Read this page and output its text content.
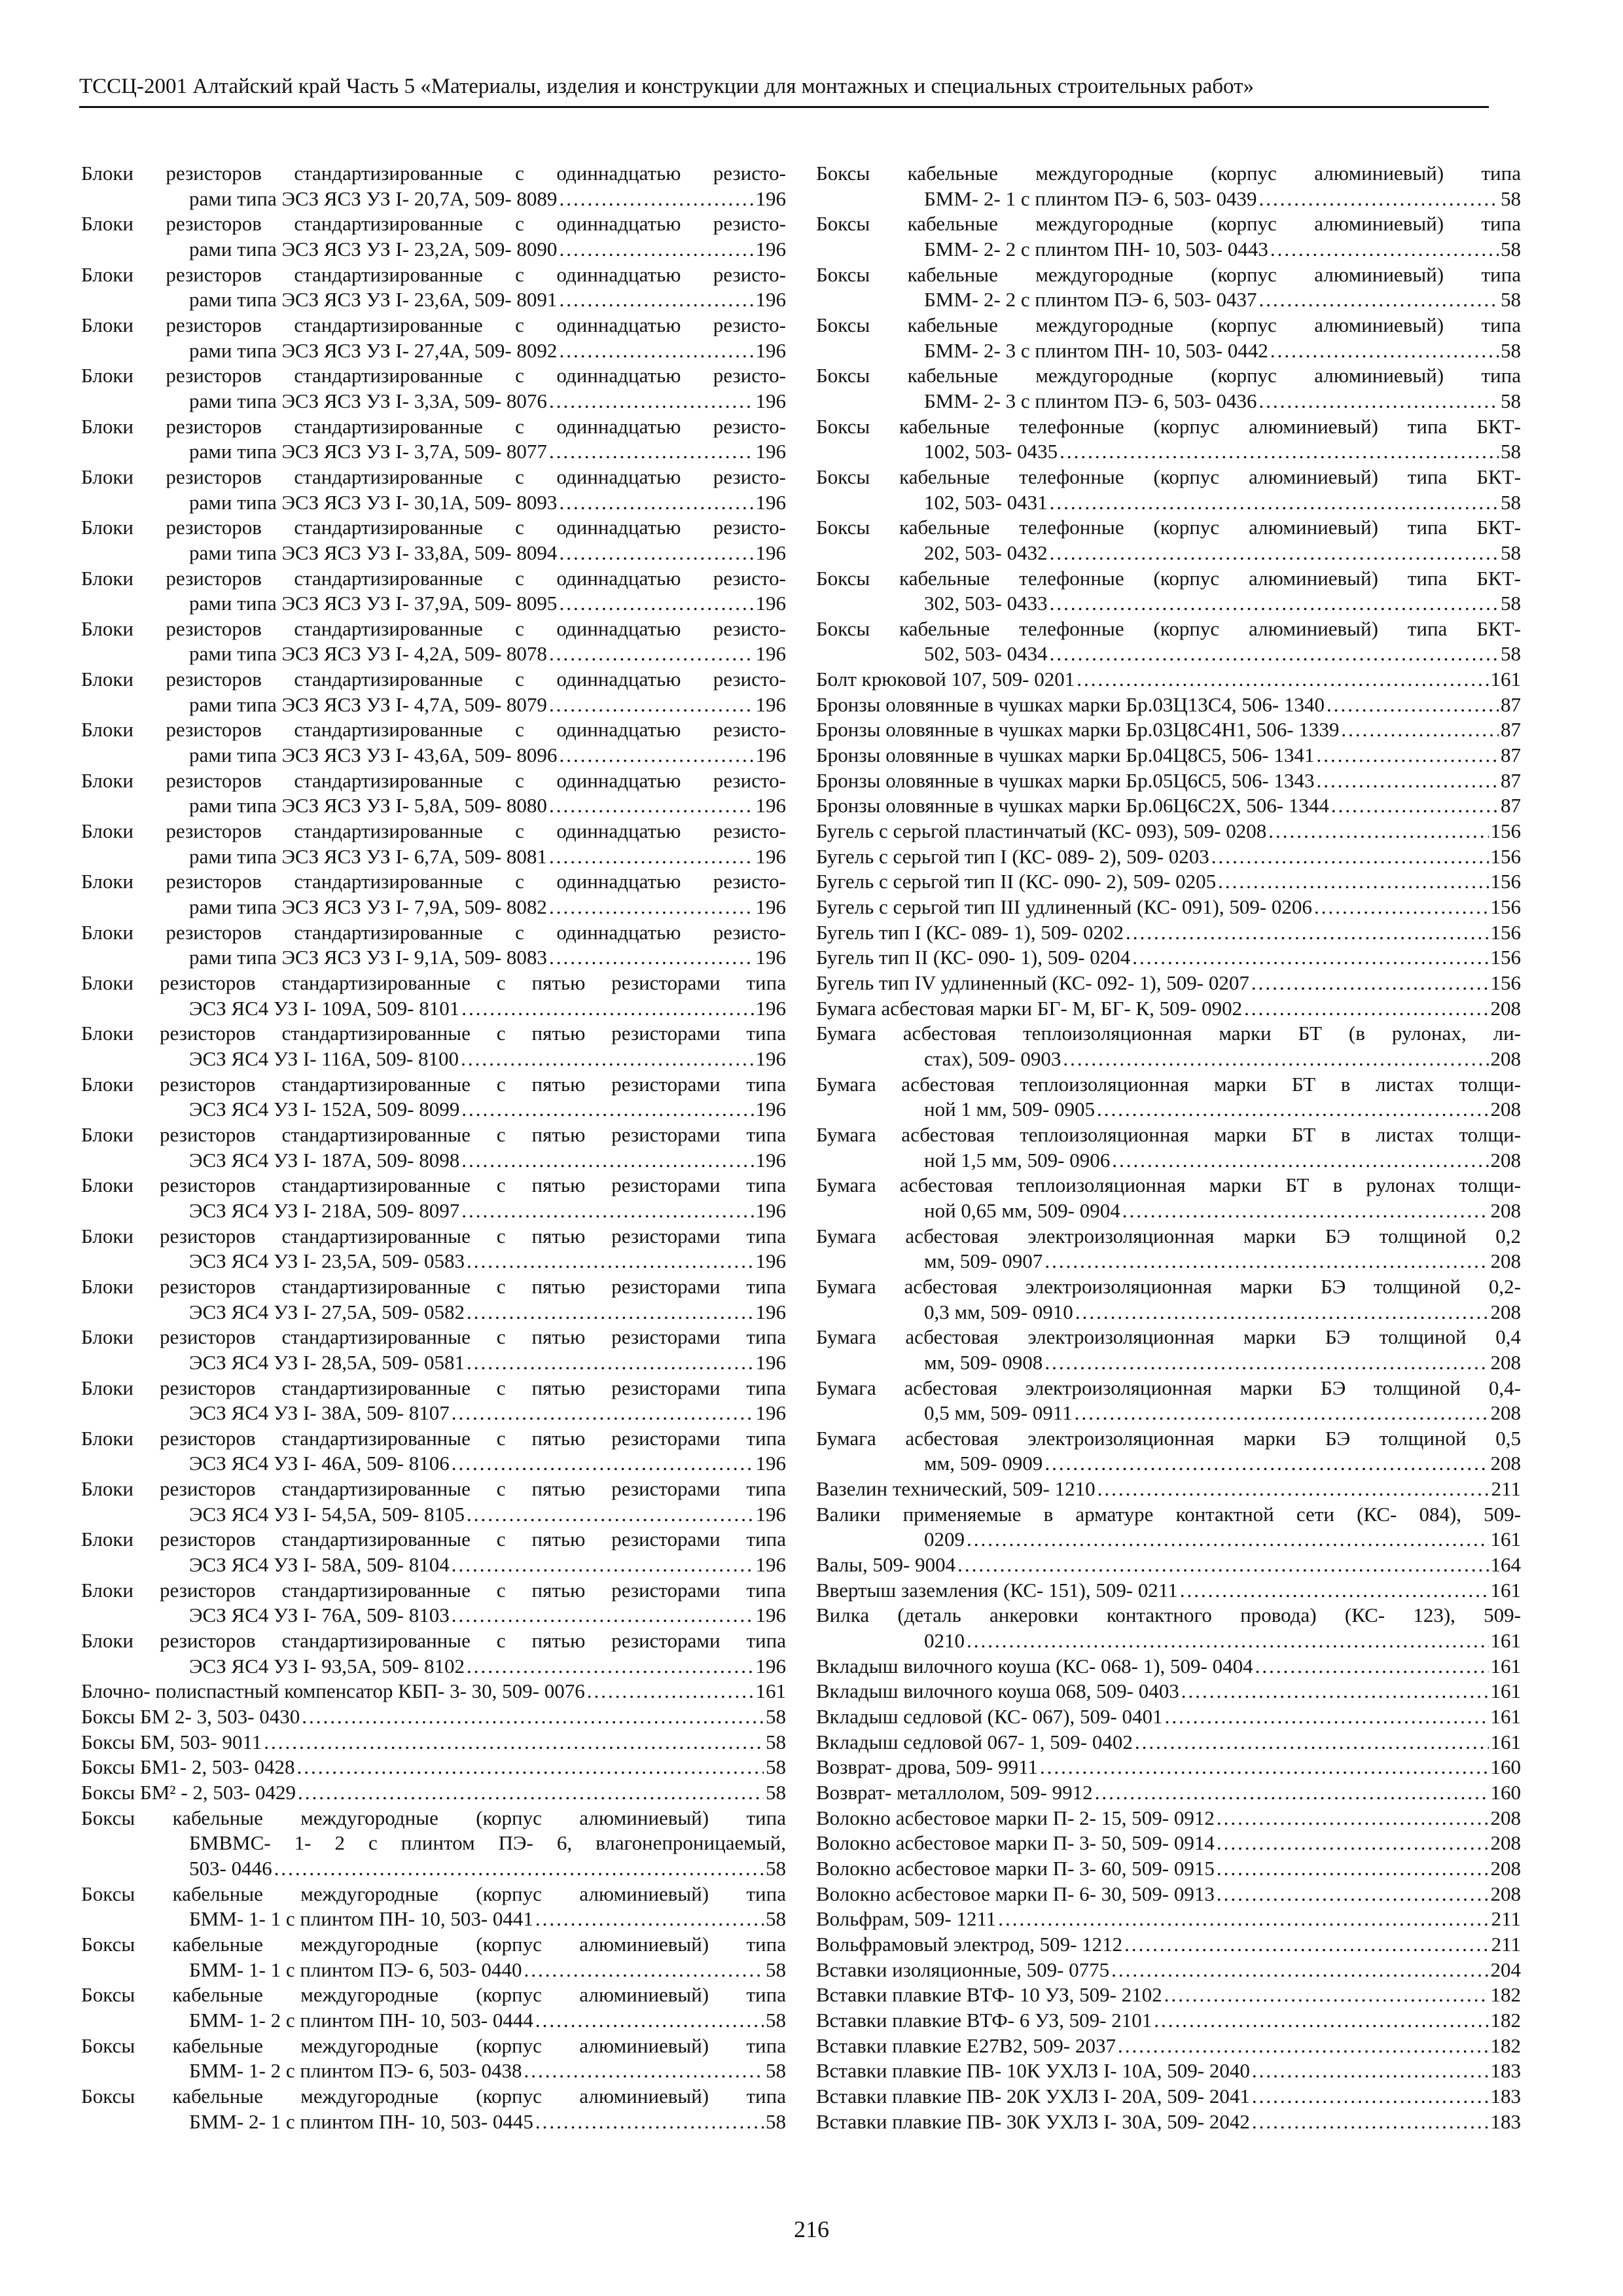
ТССЦ-2001 Алтайский край Часть 5 «Материалы, изделия и конструкции для монтажных и специальных строительных работ»
Блоки резисторов стандартизированные с одиннадцатью резисто-
рами типа ЭСЗ ЯСЗ УЗ I- 20,7А, 509- 8089 .....	196
Блоки резисторов стандартизированные с одиннадцатью резисто-
рами типа ЭСЗ ЯСЗ УЗ I- 23,2А, 509- 8090 .....	196
Блоки резисторов стандартизированные с одиннадцатью резисто-
рами типа ЭСЗ ЯСЗ УЗ I- 23,6А, 509- 8091 .....	196
Блоки резисторов стандартизированные с одиннадцатью резисто-
рами типа ЭСЗ ЯСЗ УЗ I- 27,4А, 509- 8092 .....	196
Блоки резисторов стандартизированные с одиннадцатью резисто-
рами типа ЭСЗ ЯСЗ УЗ I- 3,3А, 509- 8076 .....	196
Блоки резисторов стандартизированные с одиннадцатью резисто-
рами типа ЭСЗ ЯСЗ УЗ I- 3,7А, 509- 8077 .....	196
Блоки резисторов стандартизированные с одиннадцатью резисто-
рами типа ЭСЗ ЯСЗ УЗ I- 30,1А, 509- 8093 .....	196
Блоки резисторов стандартизированные с одиннадцатью резисто-
рами типа ЭСЗ ЯСЗ УЗ I- 33,8А, 509- 8094 .....	196
Блоки резисторов стандартизированные с одиннадцатью резисто-
рами типа ЭСЗ ЯСЗ УЗ I- 37,9А, 509- 8095 .....	196
Блоки резисторов стандартизированные с одиннадцатью резисто-
рами типа ЭСЗ ЯСЗ УЗ I- 4,2А, 509- 8078 .....	196
Блоки резисторов стандартизированные с одиннадцатью резисто-
рами типа ЭСЗ ЯСЗ УЗ I- 4,7А, 509- 8079 .....	196
Блоки резисторов стандартизированные с одиннадцатью резисто-
рами типа ЭСЗ ЯСЗ УЗ I- 43,6А, 509- 8096 .....	196
Блоки резисторов стандартизированные с одиннадцатью резисто-
рами типа ЭСЗ ЯСЗ УЗ I- 5,8А, 509- 8080 .....	196
Блоки резисторов стандартизированные с одиннадцатью резисто-
рами типа ЭСЗ ЯСЗ УЗ I- 6,7А, 509- 8081 .....	196
Блоки резисторов стандартизированные с одиннадцатью резисто-
рами типа ЭСЗ ЯСЗ УЗ I- 7,9А, 509- 8082 .....	196
Блоки резисторов стандартизированные с одиннадцатью резисто-
рами типа ЭСЗ ЯСЗ УЗ I- 9,1А, 509- 8083 .....	196
Блоки резисторов стандартизированные с пятью резисторами типа
ЭСЗ ЯС4 УЗ I- 109А, 509- 8101 .....	196
Блоки резисторов стандартизированные с пятью резисторами типа
ЭСЗ ЯС4 УЗ I- 116А, 509- 8100 .....	196
Блоки резисторов стандартизированные с пятью резисторами типа
ЭСЗ ЯС4 УЗ I- 152А, 509- 8099 .....	196
Блоки резисторов стандартизированные с пятью резисторами типа
ЭСЗ ЯС4 УЗ I- 187А, 509- 8098 .....	196
Блоки резисторов стандартизированные с пятью резисторами типа
ЭСЗ ЯС4 УЗ I- 218А, 509- 8097 .....	196
Блоки резисторов стандартизированные с пятью резисторами типа
ЭСЗ ЯС4 УЗ I- 23,5А, 509- 0583 .....	196
Блоки резисторов стандартизированные с пятью резисторами типа
ЭСЗ ЯС4 УЗ I- 27,5А, 509- 0582 .....	196
Блоки резисторов стандартизированные с пятью резисторами типа
ЭСЗ ЯС4 УЗ I- 28,5А, 509- 0581 .....	196
Блоки резисторов стандартизированные с пятью резисторами типа
ЭСЗ ЯС4 УЗ I- 38А, 509- 8107 .....	196
Блоки резисторов стандартизированные с пятью резисторами типа
ЭСЗ ЯС4 УЗ I- 46А, 509- 8106 .....	196
Блоки резисторов стандартизированные с пятью резисторами типа
ЭСЗ ЯС4 УЗ I- 54,5А, 509- 8105 .....	196
Блоки резисторов стандартизированные с пятью резисторами типа
ЭСЗ ЯС4 УЗ I- 58А, 509- 8104 .....	196
Блоки резисторов стандартизированные с пятью резисторами типа
ЭСЗ ЯС4 УЗ I- 76А, 509- 8103 .....	196
Блоки резисторов стандартизированные с пятью резисторами типа
ЭСЗ ЯС4 УЗ I- 93,5А, 509- 8102 .....	196
Блочно- полиспастный компенсатор КБП- 3- 30, 509- 0076 .....	161
Боксы БМ 2- 3, 503- 0430 .....	58
Боксы БМ, 503- 9011 .....	58
Боксы БМ1- 2, 503- 0428 .....	58
Боксы БМ² - 2, 503- 0429 .....	58
Боксы кабельные междугородные (корпус алюминиевый) типа
БМВМС- 1- 2 с плинтом ПЭ- 6, влагонепроницаемый,
503- 0446 .....	58
Боксы кабельные междугородные (корпус алюминиевый) типа
БММ- 1- 1 с плинтом ПН- 10, 503- 0441 .....	58
Боксы кабельные междугородные (корпус алюминиевый) типа
БММ- 1- 1 с плинтом ПЭ- 6, 503- 0440 .....	58
Боксы кабельные междугородные (корпус алюминиевый) типа
БММ- 1- 2 с плинтом ПН- 10, 503- 0444 .....	58
Боксы кабельные междугородные (корпус алюминиевый) типа
БММ- 1- 2 с плинтом ПЭ- 6, 503- 0438 .....	58
Боксы кабельные междугородные (корпус алюминиевый) типа
БММ- 2- 1 с плинтом ПН- 10, 503- 0445 .....	58
Боксы кабельные междугородные (корпус алюминиевый) типа
БММ- 2- 1 с плинтом ПЭ- 6, 503- 0439 .....	58
Боксы кабельные междугородные (корпус алюминиевый) типа
БММ- 2- 2 с плинтом ПН- 10, 503- 0443 .....	58
Боксы кабельные междугородные (корпус алюминиевый) типа
БММ- 2- 2 с плинтом ПЭ- 6, 503- 0437 .....	58
Боксы кабельные междугородные (корпус алюминиевый) типа
БММ- 2- 3 с плинтом ПН- 10, 503- 0442 .....	58
Боксы кабельные междугородные (корпус алюминиевый) типа
БММ- 2- 3 с плинтом ПЭ- 6, 503- 0436 .....	58
Боксы кабельные телефонные (корпус алюминиевый) типа БКТ-
1002, 503- 0435 .....	58
Боксы кабельные телефонные (корпус алюминиевый) типа БКТ-
102, 503- 0431 .....	58
Боксы кабельные телефонные (корпус алюминиевый) типа БКТ-
202, 503- 0432 .....	58
Боксы кабельные телефонные (корпус алюминиевый) типа БКТ-
302, 503- 0433 .....	58
Боксы кабельные телефонные (корпус алюминиевый) типа БКТ-
502, 503- 0434 .....	58
Болт крюковой 107, 509- 0201 .....	161
Бронзы оловянные в чушках марки Бр.03Ц13С4, 506- 1340 .....	87
Бронзы оловянные в чушках марки Бр.03Ц8С4Н1, 506- 1339 .....	87
Бронзы оловянные в чушках марки Бр.04Ц8С5, 506- 1341 .....	87
Бронзы оловянные в чушках марки Бр.05Ц6С5, 506- 1343 .....	87
Бронзы оловянные в чушках марки Бр.06Ц6С2Х, 506- 1344 .....	87
Бугель с серьгой пластинчатый (КС- 093), 509- 0208 .....	156
Бугель с серьгой тип I (КС- 089- 2), 509- 0203 .....	156
Бугель с серьгой тип II (КС- 090- 2), 509- 0205 .....	156
Бугель с серьгой тип III удлиненный (КС- 091), 509- 0206 .....	156
Бугель тип I (КС- 089- 1), 509- 0202 .....	156
Бугель тип II (КС- 090- 1), 509- 0204 .....	156
Бугель тип IV удлиненный (КС- 092- 1), 509- 0207 .....	156
Бумага асбестовая марки БГ- М, БГ- К, 509- 0902 .....	208
Бумага асбестовая теплоизоляционная марки БТ (в рулонах, ли-
стах), 509- 0903 .....	208
Бумага асбестовая теплоизоляционная марки БТ в листах толщи-
ной 1 мм, 509- 0905 .....	208
Бумага асбестовая теплоизоляционная марки БТ в листах толщи-
ной 1,5 мм, 509- 0906 .....	208
Бумага асбестовая теплоизоляционная марки БТ в рулонах толщи-
ной 0,65 мм, 509- 0904 .....	208
Бумага асбестовая электроизоляционная марки БЭ толщиной 0,2
мм, 509- 0907 .....	208
Бумага асбестовая электроизоляционная марки БЭ толщиной 0,2-
0,3 мм, 509- 0910 .....	208
Бумага асбестовая электроизоляционная марки БЭ толщиной 0,4
мм, 509- 0908 .....	208
Бумага асбестовая электроизоляционная марки БЭ толщиной 0,4-
0,5 мм, 509- 0911 .....	208
Бумага асбестовая электроизоляционная марки БЭ толщиной 0,5
мм, 509- 0909 .....	208
Вазелин технический, 509- 1210 .....	211
Валики применяемые в арматуре контактной сети (КС- 084), 509-
0209 .....	161
Валы, 509- 9004 .....	164
Ввертыш заземления (КС- 151), 509- 0211 .....	161
Вилка (деталь анкеровки контактного провода) (КС- 123), 509-
0210 .....	161
Вкладыш вилочного коуша (КС- 068- 1), 509- 0404 .....	161
Вкладыш вилочного коуша 068, 509- 0403 .....	161
Вкладыш седловой (КС- 067), 509- 0401 .....	161
Вкладыш седловой 067- 1, 509- 0402 .....	161
Возврат- дрова, 509- 9911 .....	160
Возврат- металлолом, 509- 9912 .....	160
Волокно асбестовое марки П- 2- 15, 509- 0912 .....	208
Волокно асбестовое марки П- 3- 50, 509- 0914 .....	208
Волокно асбестовое марки П- 3- 60, 509- 0915 .....	208
Волокно асбестовое марки П- 6- 30, 509- 0913 .....	208
Вольфрам, 509- 1211 .....	211
Вольфрамовый электрод, 509- 1212 .....	211
Вставки изоляционные, 509- 0775 .....	204
Вставки плавкие ВТФ- 10 УЗ, 509- 2102 .....	182
Вставки плавкие ВТФ- 6 УЗ, 509- 2101 .....	182
Вставки плавкие Е27В2, 509- 2037 .....	182
Вставки плавкие ПВ- 10К УХЛЗ I- 10А, 509- 2040 .....	183
Вставки плавкие ПВ- 20К УХЛЗ I- 20А, 509- 2041 .....	183
Вставки плавкие ПВ- 30К УХЛЗ I- 30А, 509- 2042 .....	183
216
